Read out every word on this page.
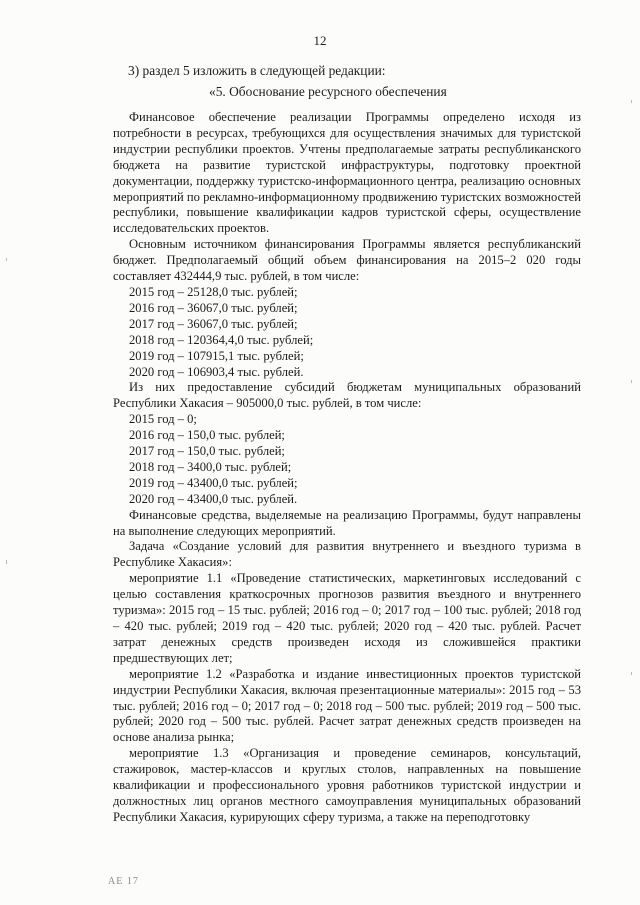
12
3) раздел 5 изложить в следующей редакции:
«5. Обоснование ресурсного обеспечения

Финансовое обеспечение реализации Программы определено исходя из потребности в ресурсах, требующихся для осуществления значимых для туристской индустрии республики проектов. Учтены предполагаемые затраты республиканского бюджета на развитие туристской инфраструктуры, подготовку проектной документации, поддержку туристско-информационного центра, реализацию основных мероприятий по рекламно-информационному продвижению туристских возможностей республики, повышение квалификации кадров туристской сферы, осуществление исследовательских проектов.

Основным источником финансирования Программы является республиканский бюджет. Предполагаемый общий объем финансирования на 2015–2 020 годы составляет 432444,9 тыс. рублей, в том числе:

2015 год – 25128,0 тыс. рублей;

2016 год – 36067,0 тыс. рублей;

2017 год – 36067,0 тыс. рублей;

2018 год – 120364,4,0 тыс. рублей;

2019 год – 107915,1 тыс. рублей;

2020 год – 106903,4 тыс. рублей.

Из них предоставление субсидий бюджетам муниципальных образований Республики Хакасия – 905000,0 тыс. рублей, в том числе:

2015 год – 0;

2016 год – 150,0 тыс. рублей;

2017 год – 150,0 тыс. рублей;

2018 год – 3400,0 тыс. рублей;

2019 год – 43400,0 тыс. рублей;

2020 год – 43400,0 тыс. рублей.

Финансовые средства, выделяемые на реализацию Программы, будут направлены на выполнение следующих мероприятий.

Задача «Создание условий для развития внутреннего и въездного туризма в Республике Хакасия»:

мероприятие 1.1 «Проведение статистических, маркетинговых исследований с целью составления краткосрочных прогнозов развития въездного и внутреннего туризма»: 2015 год – 15 тыс. рублей; 2016 год – 0; 2017 год – 100 тыс. рублей; 2018 год – 420 тыс. рублей; 2019 год – 420 тыс. рублей; 2020 год – 420 тыс. рублей. Расчет затрат денежных средств произведен исходя из сложившейся практики предшествующих лет;

мероприятие 1.2 «Разработка и издание инвестиционных проектов туристской индустрии Республики Хакасия, включая презентационные материалы»: 2015 год – 53 тыс. рублей; 2016 год – 0; 2017 год – 0; 2018 год – 500 тыс. рублей; 2019 год – 500 тыс. рублей; 2020 год – 500 тыс. рублей. Расчет затрат денежных средств произведен на основе анализа рынка;

мероприятие 1.3 «Организация и проведение семинаров, консультаций, стажировок, мастер-классов и круглых столов, направленных на повышение квалификации и профессионального уровня работников туристской индустрии и должностных лиц органов местного самоуправления муниципальных образований Республики Хакасия, курирующих сферу туризма, а также на переподготовку

АЕ 17
